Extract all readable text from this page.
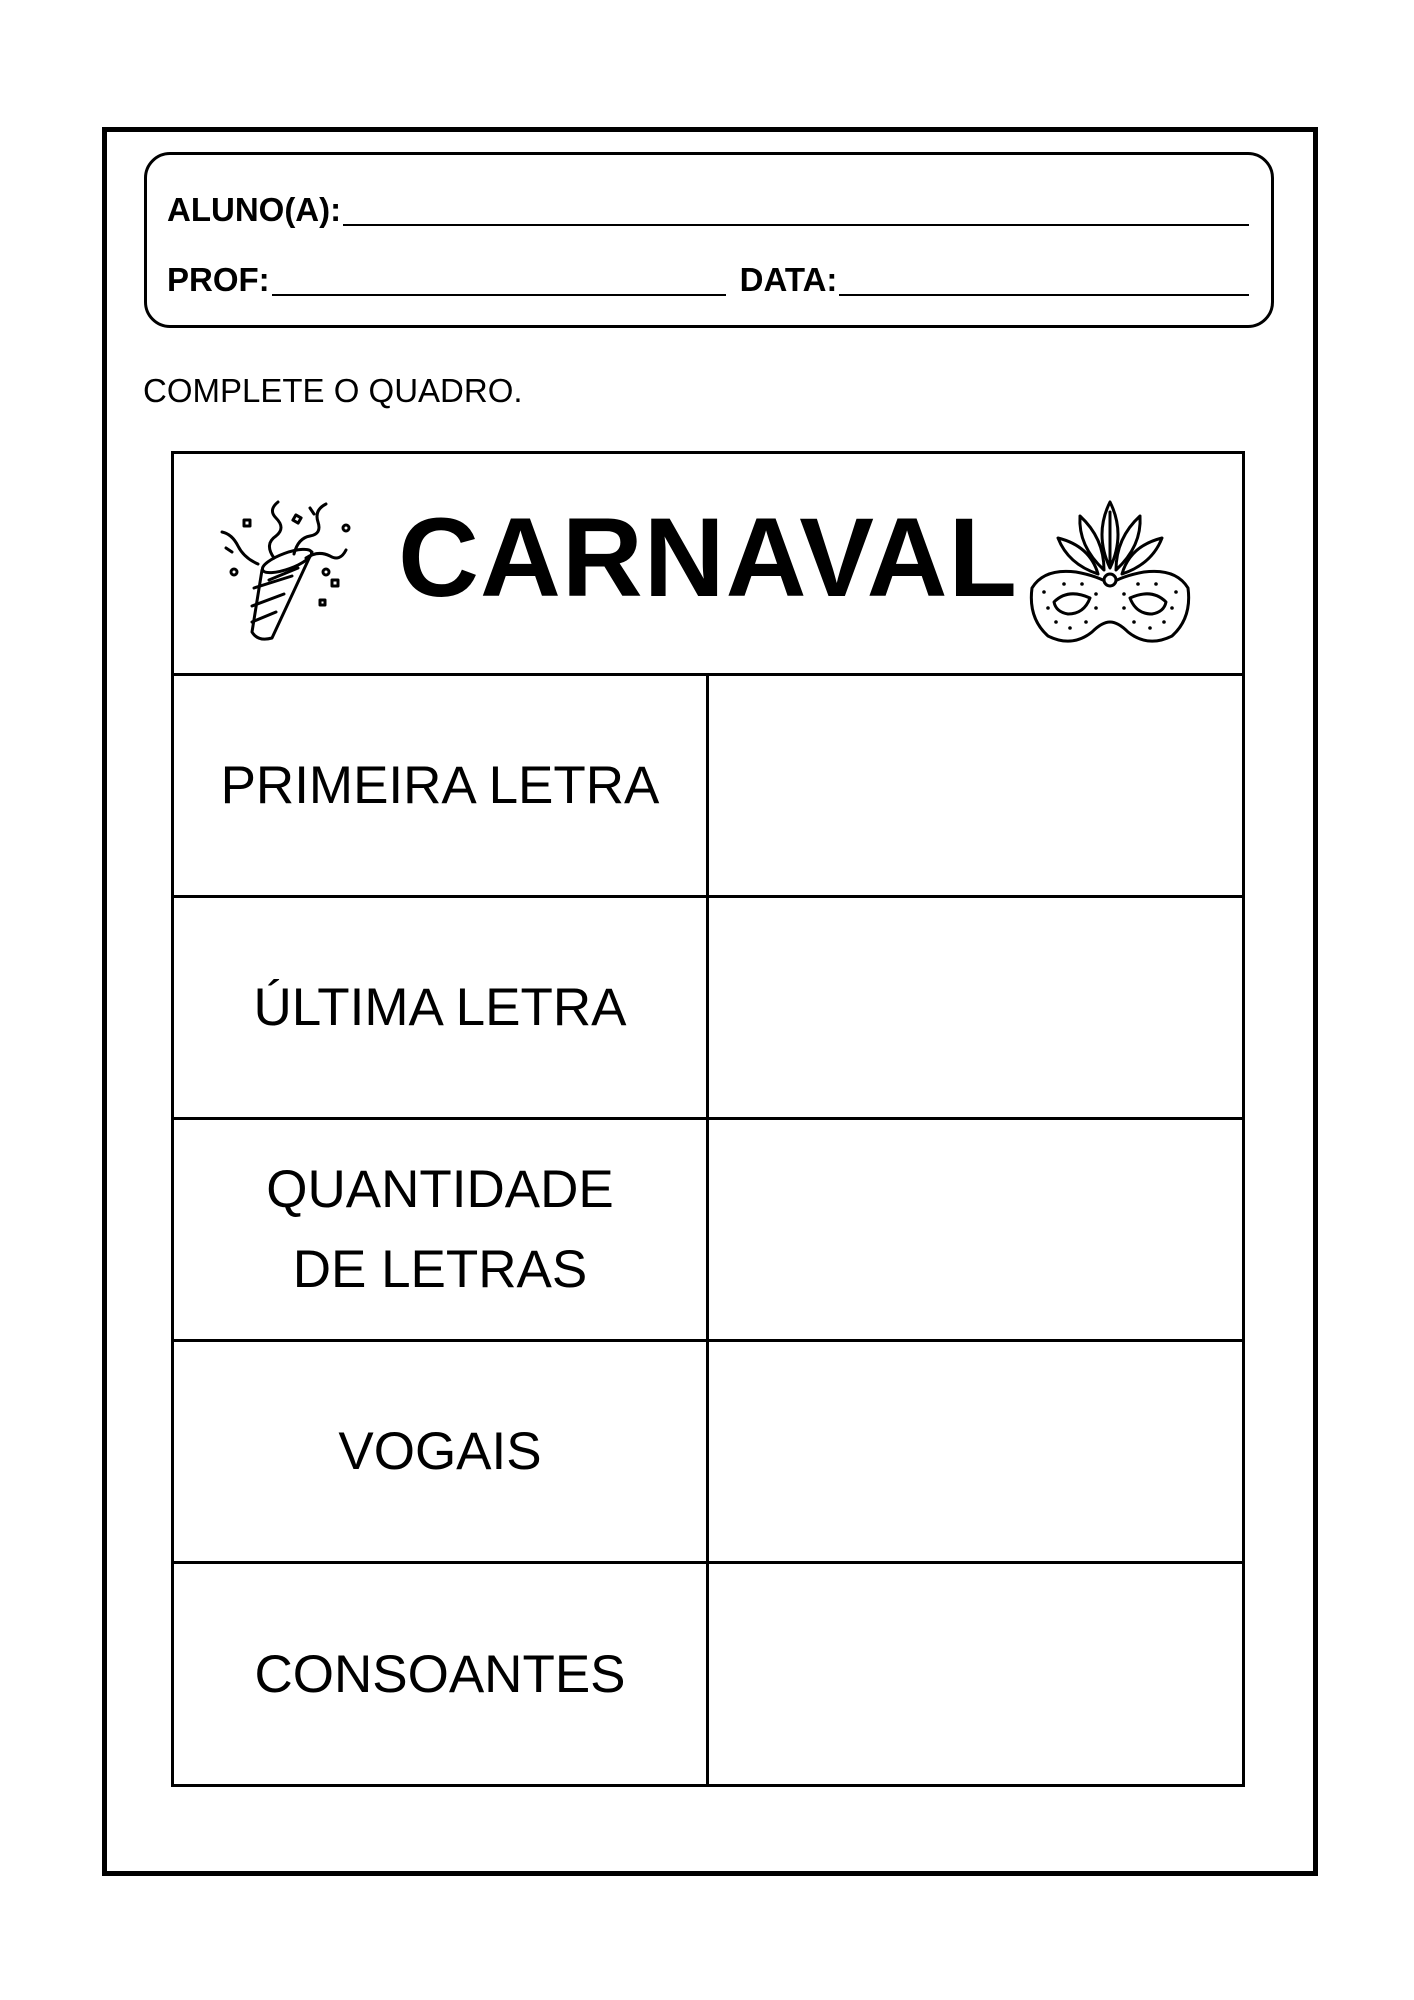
ALUNO(A):
PROF:	DATA:
COMPLETE O QUADRO.
CARNAVAL
PRIMEIRA LETRA
ÚLTIMA LETRA
QUANTIDADE
DE LETRAS
VOGAIS
CONSOANTES
